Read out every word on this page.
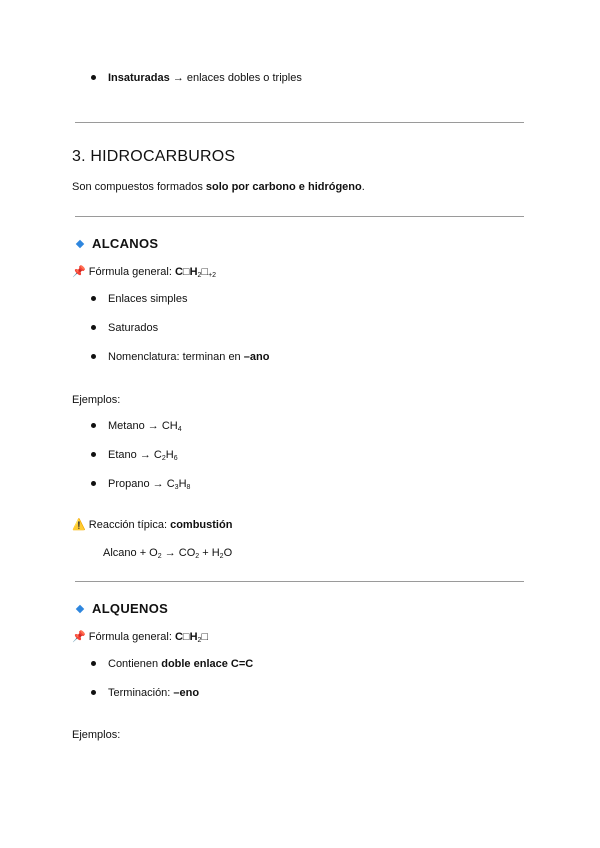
Insaturadas → enlaces dobles o triples
3. HIDROCARBUROS
Son compuestos formados solo por carbono e hidrógeno.
ALCANOS
📌 Fórmula general: $C□H_2□_{+2}$
Enlaces simples
Saturados
Nomenclatura: terminan en –ano
Ejemplos:
$Metano \to CH_4$
$Etano \to C_2H_6$
Propano → $C_3H_8$
⚠️ Reacción típica: combustión
Alcano + $O_2 \to CO_2 + H_2O$
ALQUENOS
📌 Fórmula general: $C□H_2□$
Contienen doble enlace C=C
Terminación: –eno
Ejemplos:
